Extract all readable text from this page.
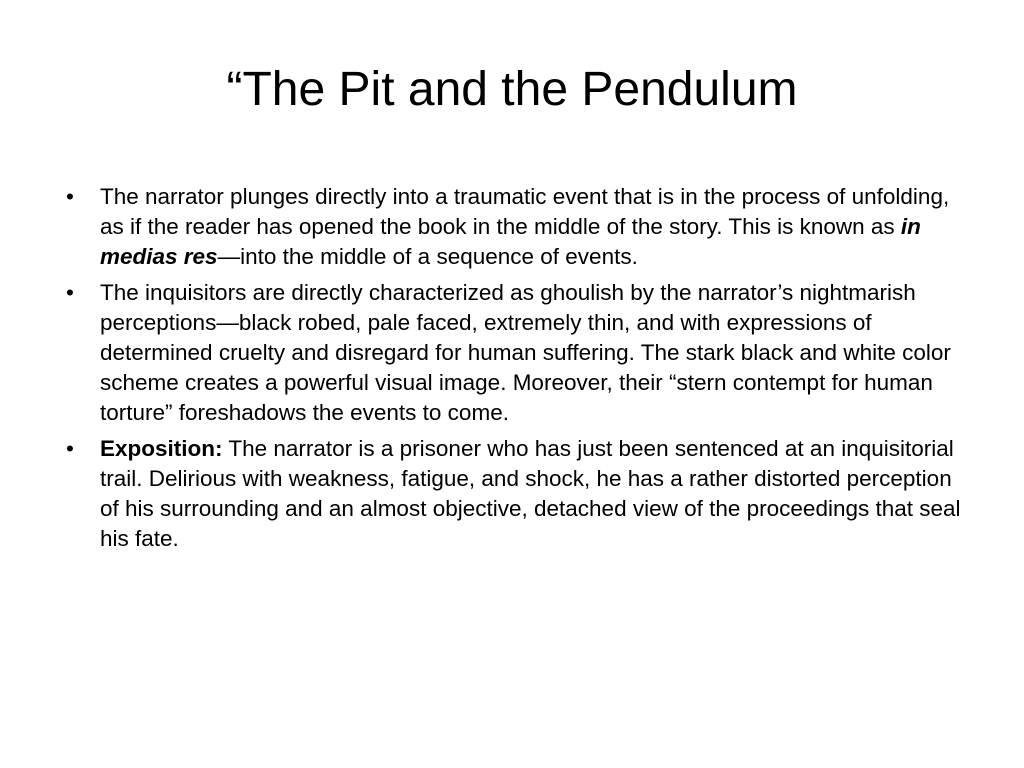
“The Pit and the Pendulum
• The narrator plunges directly into a traumatic event that is in the process of unfolding, as if the reader has opened the book in the middle of the story. This is known as in medias res—into the middle of a sequence of events.
• The inquisitors are directly characterized as ghoulish by the narrator’s nightmarish perceptions—black robed, pale faced, extremely thin, and with expressions of determined cruelty and disregard for human suffering. The stark black and white color scheme creates a powerful visual image. Moreover, their “stern contempt for human torture” foreshadows the events to come.
• Exposition: The narrator is a prisoner who has just been sentenced at an inquisitorial trail. Delirious with weakness, fatigue, and shock, he has a rather distorted perception of his surrounding and an almost objective, detached view of the proceedings that seal his fate.
